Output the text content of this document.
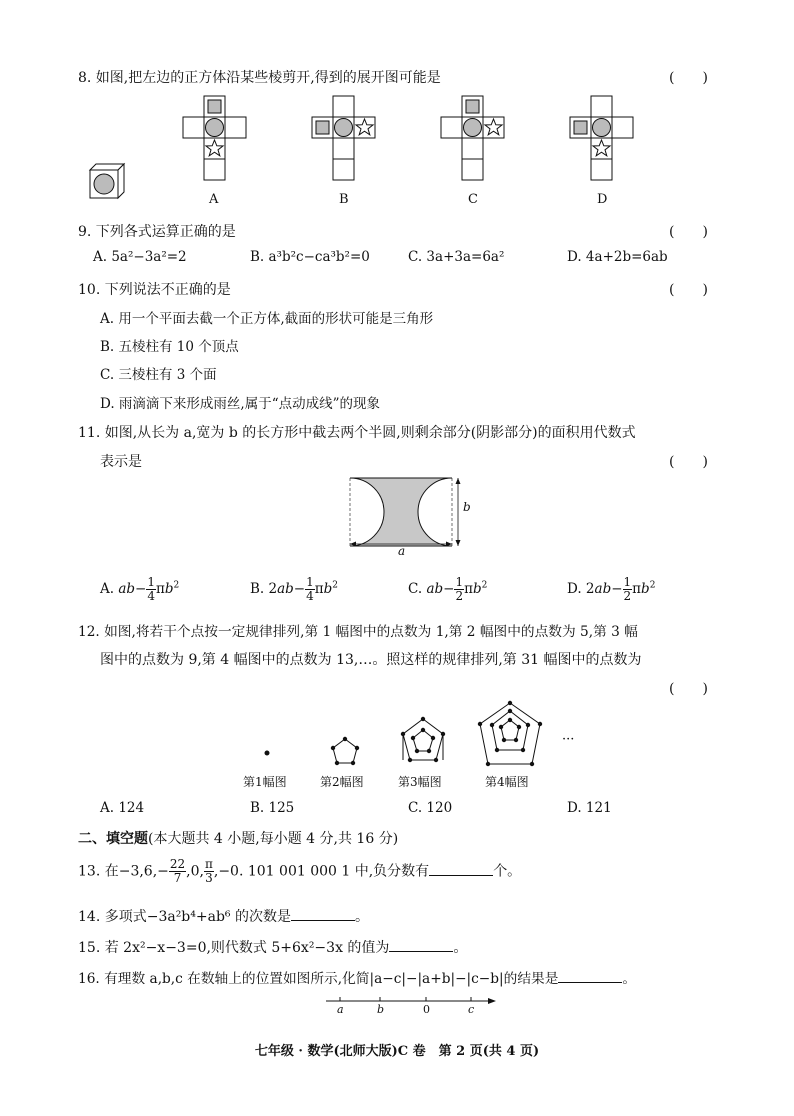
8. 如图,把左边的正方体沿某些棱剪开,得到的展开图可能是	(　　)
A	B	C	D
9. 下列各式运算正确的是	(　　)
A. 5a²−3a²=2	B. a³b²c−ca³b²=0	C. 3a+3a=6a²	D. 4a+2b=6ab
10. 下列说法不正确的是	(　　)
A. 用一个平面去截一个正方体,截面的形状可能是三角形
B. 五棱柱有 10 个顶点
C. 三棱柱有 3 个面
D. 雨滴滴下来形成雨丝,属于“点动成线”的现象
11. 如图,从长为 a,宽为 b 的长方形中截去两个半圆,则剩余部分(阴影部分)的面积用代数式
表示是	(　　)
b
a
A. $ab- \frac{1}{4} \pi b^2$	B. $2ab- \frac{1}{4} \pi b^2$	C. $ab- \frac{1}{2} \pi b^2$	D. $2ab- \frac{1}{2} \pi b^2$
12. 如图,将若干个点按一定规律排列,第 1 幅图中的点数为 1,第 2 幅图中的点数为 5,第 3 幅
图中的点数为 9,第 4 幅图中的点数为 13,…。照这样的规律排列,第 31 幅图中的点数为
(　　)
···
第1幅图	第2幅图	第3幅图	第4幅图
A. 124	B. 125	C. 120	D. 121
二、填空题(本大题共 4 小题,每小题 4 分,共 16 分)
13. 在$-3,6,- \frac{22}{7} ,0$, $\frac{\pi}{3} ,-0$. 101 001 000 1 中,负分数有	个。
14. 多项式−3a²b⁴+ab⁶ 的次数是	。
15. 若 2x²−x−3=0,则代数式 5+6x²−3x 的值为	。
16. 有理数 a,b,c 在数轴上的位置如图所示,化简|a−c|−|a+b|−|c−b|的结果是	。
a	b	0	c
七年级 · 数学(北师大版)C 卷　第 2 页(共 4 页)
